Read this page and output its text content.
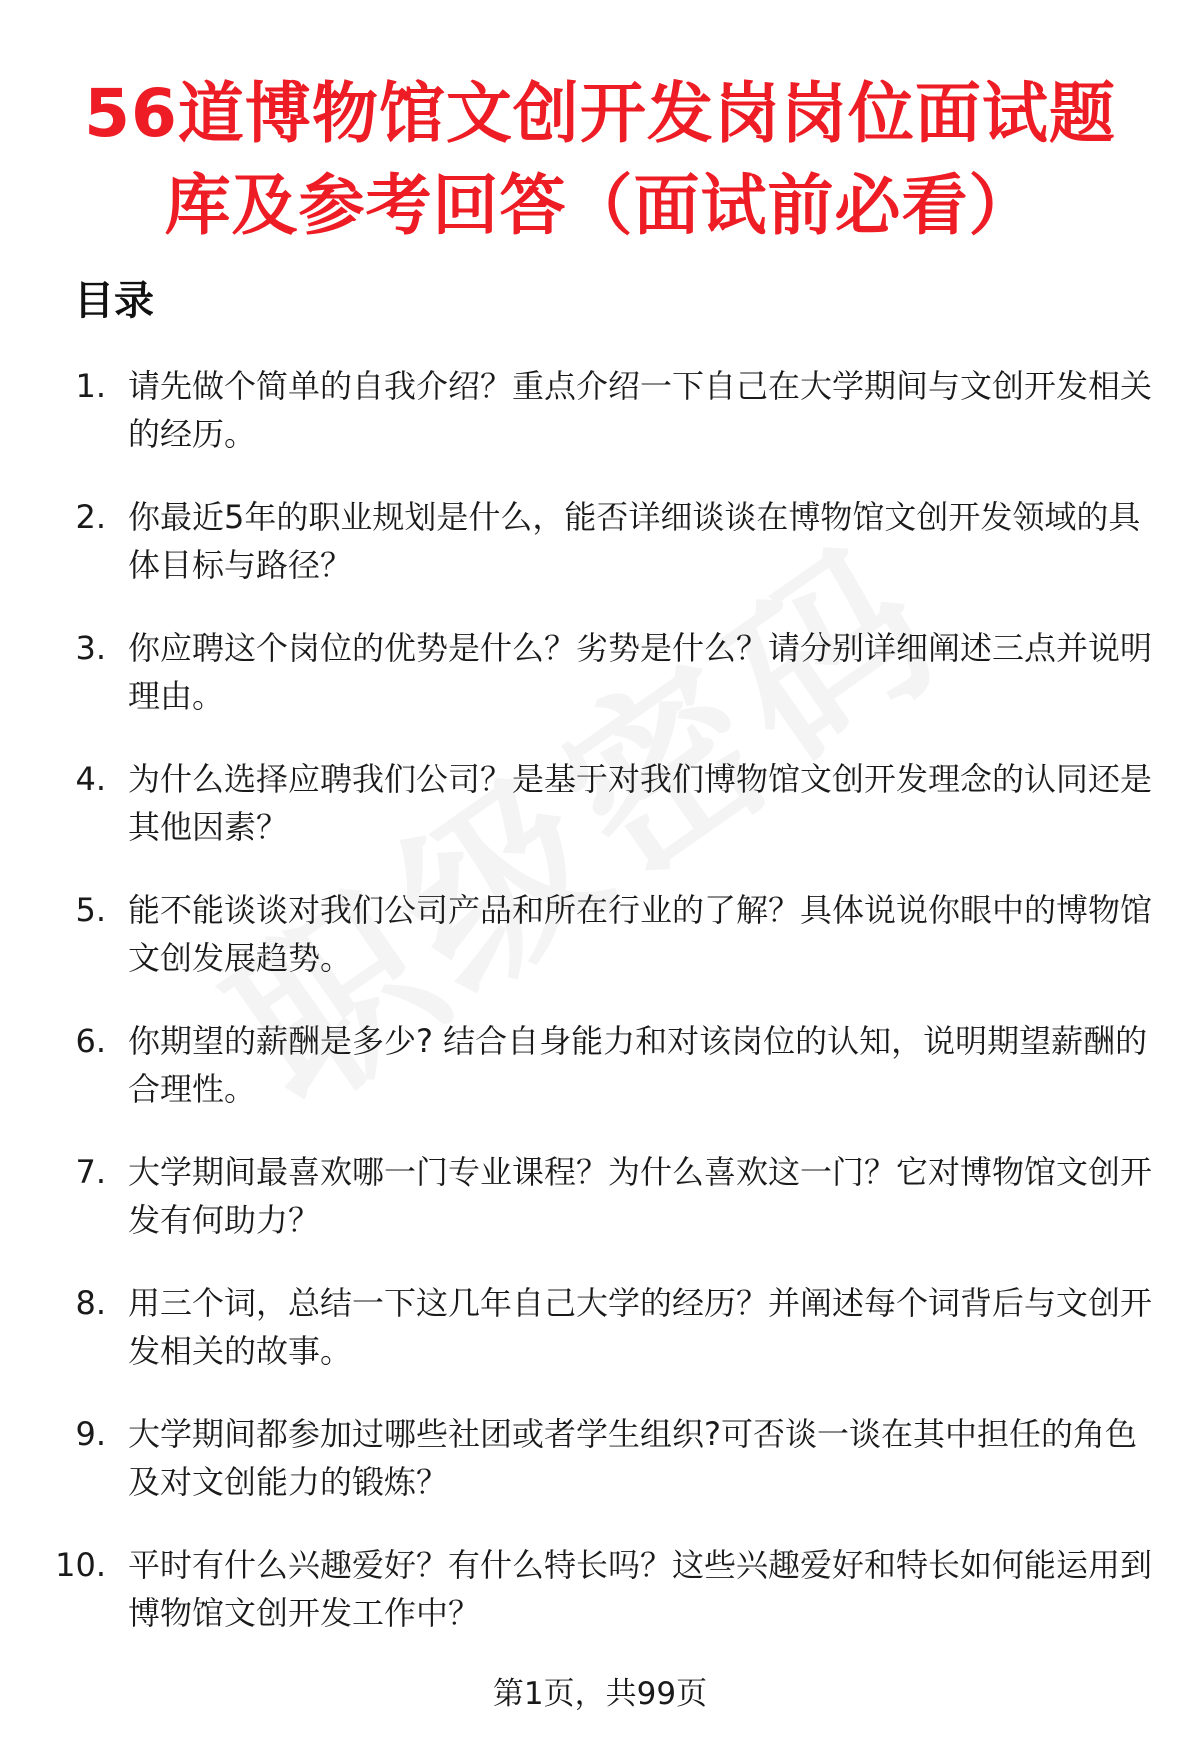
56道博物馆文创开发岗岗位面试题
库及参考回答（面试前必看）
目录
1. 请先做个简单的自我介绍？重点介绍一下自己在大学期间与文创开发相关的经历。
2. 你最近5年的职业规划是什么，能否详细谈谈在博物馆文创开发领域的具体目标与路径？
3. 你应聘这个岗位的优势是什么？劣势是什么？请分别详细阐述三点并说明理由。
4. 为什么选择应聘我们公司？是基于对我们博物馆文创开发理念的认同还是其他因素？
5. 能不能谈谈对我们公司产品和所在行业的了解？具体说说你眼中的博物馆文创发展趋势。
6. 你期望的薪酬是多少? 结合自身能力和对该岗位的认知，说明期望薪酬的合理性。
7. 大学期间最喜欢哪一门专业课程？为什么喜欢这一门？它对博物馆文创开发有何助力？
8. 用三个词，总结一下这几年自己大学的经历？并阐述每个词背后与文创开发相关的故事。
9. 大学期间都参加过哪些社团或者学生组织?可否谈一谈在其中担任的角色及对文创能力的锻炼？
10. 平时有什么兴趣爱好？有什么特长吗？这些兴趣爱好和特长如何能运用到博物馆文创开发工作中？
第1页，共99页
